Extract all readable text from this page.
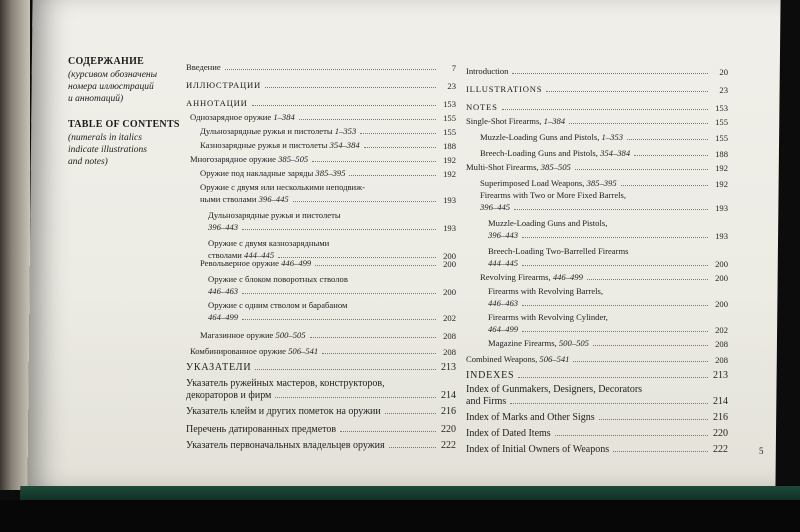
СОДЕРЖАНИЕ

(курсивом обозначены
номера иллюстраций
и аннотаций)

TABLE OF CONTENTS

(numerals in italics
indicate illustrations
and notes)
Введение	7
ИЛЛЮСТРАЦИИ	23
АННОТАЦИИ	153
Однозарядное оружие 1–384	155
Дульнозарядные ружья и пистолеты 1–353	155
Казнозарядные ружья и пистолеты 354–384	188
Многозарядное оружие 385–505	192
Оружие под накладные заряды 385–395	192
Оружие с двумя или несколькими неподвиж-
ными стволами 396–445	193
Дульнозарядные ружья и пистолеты
396–443	193
Оружие с двумя казнозарядными
стволами 444–445	200
Револьверное оружие 446–499	200
Оружие с блоком поворотных стволов
446–463	200
Оружие с одним стволом и барабаном
464–499	202
Магазинное оружие 500–505	208
Комбинированное оружие 506–541	208
УКАЗАТЕЛИ	213
Указатель ружейных мастеров, конструкторов,
декораторов и фирм	214
Указатель клейм и других пометок на оружии	216
Перечень датированных предметов	220
Указатель первоначальных владельцев оружия	222
Introduction	20
ILLUSTRATIONS	23
NOTES	153
Single-Shot Firearms, 1–384	155
Muzzle-Loading Guns and Pistols, 1–353	155
Breech-Loading Guns and Pistols, 354–384	188
Multi-Shot Firearms, 385–505	192
Superimposed Load Weapons, 385–395	192
Firearms with Two or More Fixed Barrels,
396–445	193
Muzzle-Loading Guns and Pistols,
396–443	193
Breech-Loading Two-Barrelled Firearms
444–445	200
Revolving Firearms, 446–499	200
Firearms with Revolving Barrels,
446–463	200
Firearms with Revolving Cylinder,
464–499	202
Magazine Firearms, 500–505	208
Combined Weapons, 506–541	208
INDEXES	213
Index of Gunmakers, Designers, Decorators
and Firms	214
Index of Marks and Other Signs	216
Index of Dated Items	220
Index of Initial Owners of Weapons	222	5
